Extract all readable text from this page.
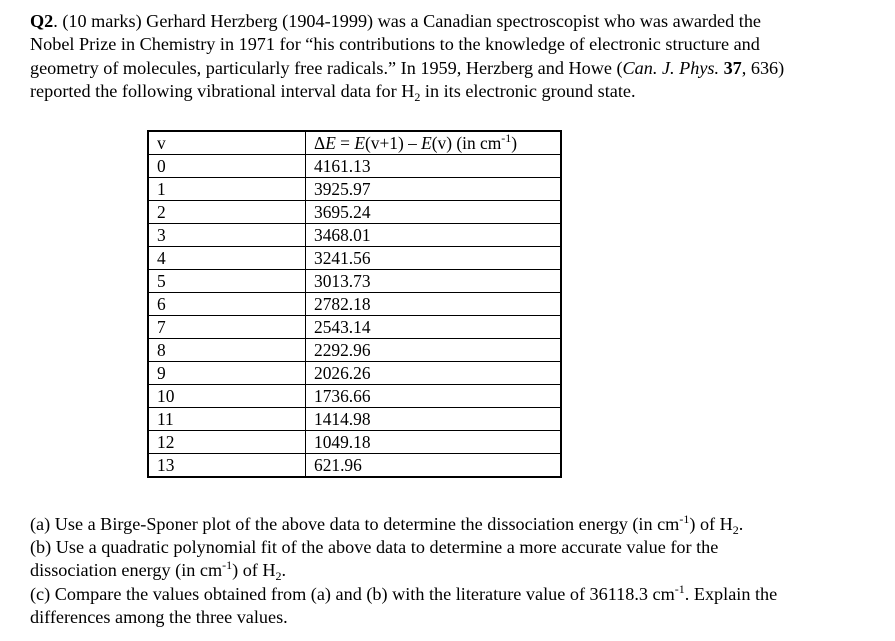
Q2. (10 marks) Gerhard Herzberg (1904-1999) was a Canadian spectroscopist who was awarded the
Nobel Prize in Chemistry in 1971 for “his contributions to the knowledge of electronic structure and
geometry of molecules, particularly free radicals.” In 1959, Herzberg and Howe (Can. J. Phys. 37, 636)
reported the following vibrational interval data for $H_2$ in its electronic ground state.
v	ΔE = E(v+1) – E(v) (in $cm^{-1}$)
0	4161.13
1	3925.97
2	3695.24
3	3468.01
4	3241.56
5	3013.73
6	2782.18
7	2543.14
8	2292.96
9	2026.26
10	1736.66
11	1414.98
12	1049.18
13	621.96
(a) Use a Birge-Sponer plot of the above data to determine the dissociation energy (in $cm^{-1}$) of $H_2$.
(b) Use a quadratic polynomial fit of the above data to determine a more accurate value for the
dissociation energy (in $cm^{-1}$) of $H_2$.
(c) Compare the values obtained from (a) and (b) with the literature value of 36118.3 $cm^{-1}$. Explain the
differences among the three values.
